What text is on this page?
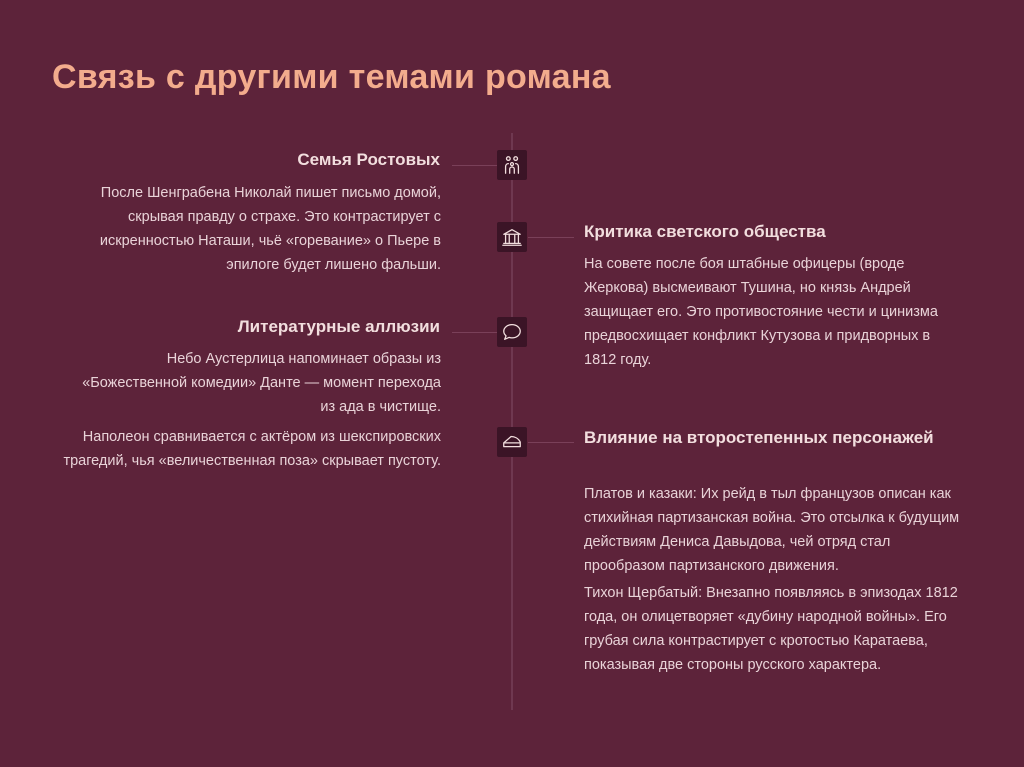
Связь с другими темами романа
Семья Ростовых
После Шенграбена Николай пишет письмо домой, скрывая правду о страхе. Это контрастирует с искренностью Наташи, чьё «горевание» о Пьере в эпилоге будет лишено фальши.
Литературные аллюзии
Небо Аустерлица напоминает образы из «Божественной комедии» Данте — момент перехода из ада в чистище.
Наполеон сравнивается с актёром из шекспировских трагедий, чья «величественная поза» скрывает пустоту.
Критика светского общества
На совете после боя штабные офицеры (вроде Жеркова) высмеивают Тушина, но князь Андрей защищает его. Это противостояние чести и цинизма предвосхищает конфликт Кутузова и придворных в 1812 году.
Влияние на второстепенных персонажей
Платов и казаки: Их рейд в тыл французов описан как стихийная партизанская война. Это отсылка к будущим действиям Дениса Давыдова, чей отряд стал прообразом партизанского движения.
Тихон Щербатый: Внезапно появляясь в эпизодах 1812 года, он олицетворяет «дубину народной войны». Его грубая сила контрастирует с кротостью Каратаева, показывая две стороны русского характера.
